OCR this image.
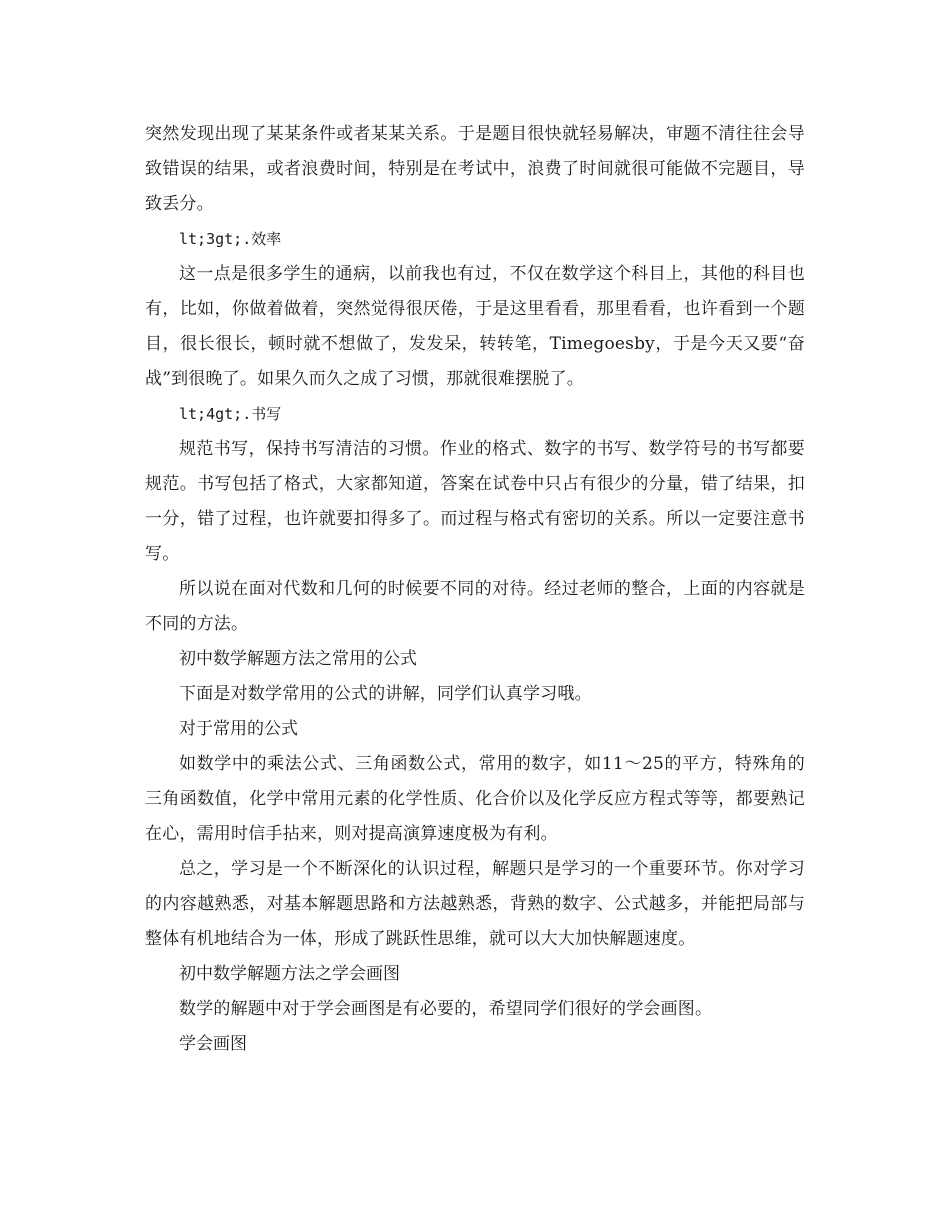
突然发现出现了某某条件或者某某关系。于是题目很快就轻易解决，审题不清往往会导致错误的结果，或者浪费时间，特别是在考试中，浪费了时间就很可能做不完题目，导致丢分。

lt;3gt;.效率

这一点是很多学生的通病，以前我也有过，不仅在数学这个科目上，其他的科目也有，比如，你做着做着，突然觉得很厌倦，于是这里看看，那里看看，也许看到一个题目，很长很长，顿时就不想做了，发发呆，转转笔，Timegoesby，于是今天又要“奋战”到很晚了。如果久而久之成了习惯，那就很难摆脱了。

lt;4gt;.书写

规范书写，保持书写清洁的习惯。作业的格式、数字的书写、数学符号的书写都要规范。书写包括了格式，大家都知道，答案在试卷中只占有很少的分量，错了结果，扣一分，错了过程，也许就要扣得多了。而过程与格式有密切的关系。所以一定要注意书写。

所以说在面对代数和几何的时候要不同的对待。经过老师的整合，上面的内容就是不同的方法。

初中数学解题方法之常用的公式

下面是对数学常用的公式的讲解，同学们认真学习哦。

对于常用的公式

如数学中的乘法公式、三角函数公式，常用的数字，如11～25的平方，特殊角的三角函数值，化学中常用元素的化学性质、化合价以及化学反应方程式等等，都要熟记在心，需用时信手拈来，则对提高演算速度极为有利。

总之，学习是一个不断深化的认识过程，解题只是学习的一个重要环节。你对学习的内容越熟悉，对基本解题思路和方法越熟悉，背熟的数字、公式越多，并能把局部与整体有机地结合为一体，形成了跳跃性思维，就可以大大加快解题速度。

初中数学解题方法之学会画图

数学的解题中对于学会画图是有必要的，希望同学们很好的学会画图。

学会画图
